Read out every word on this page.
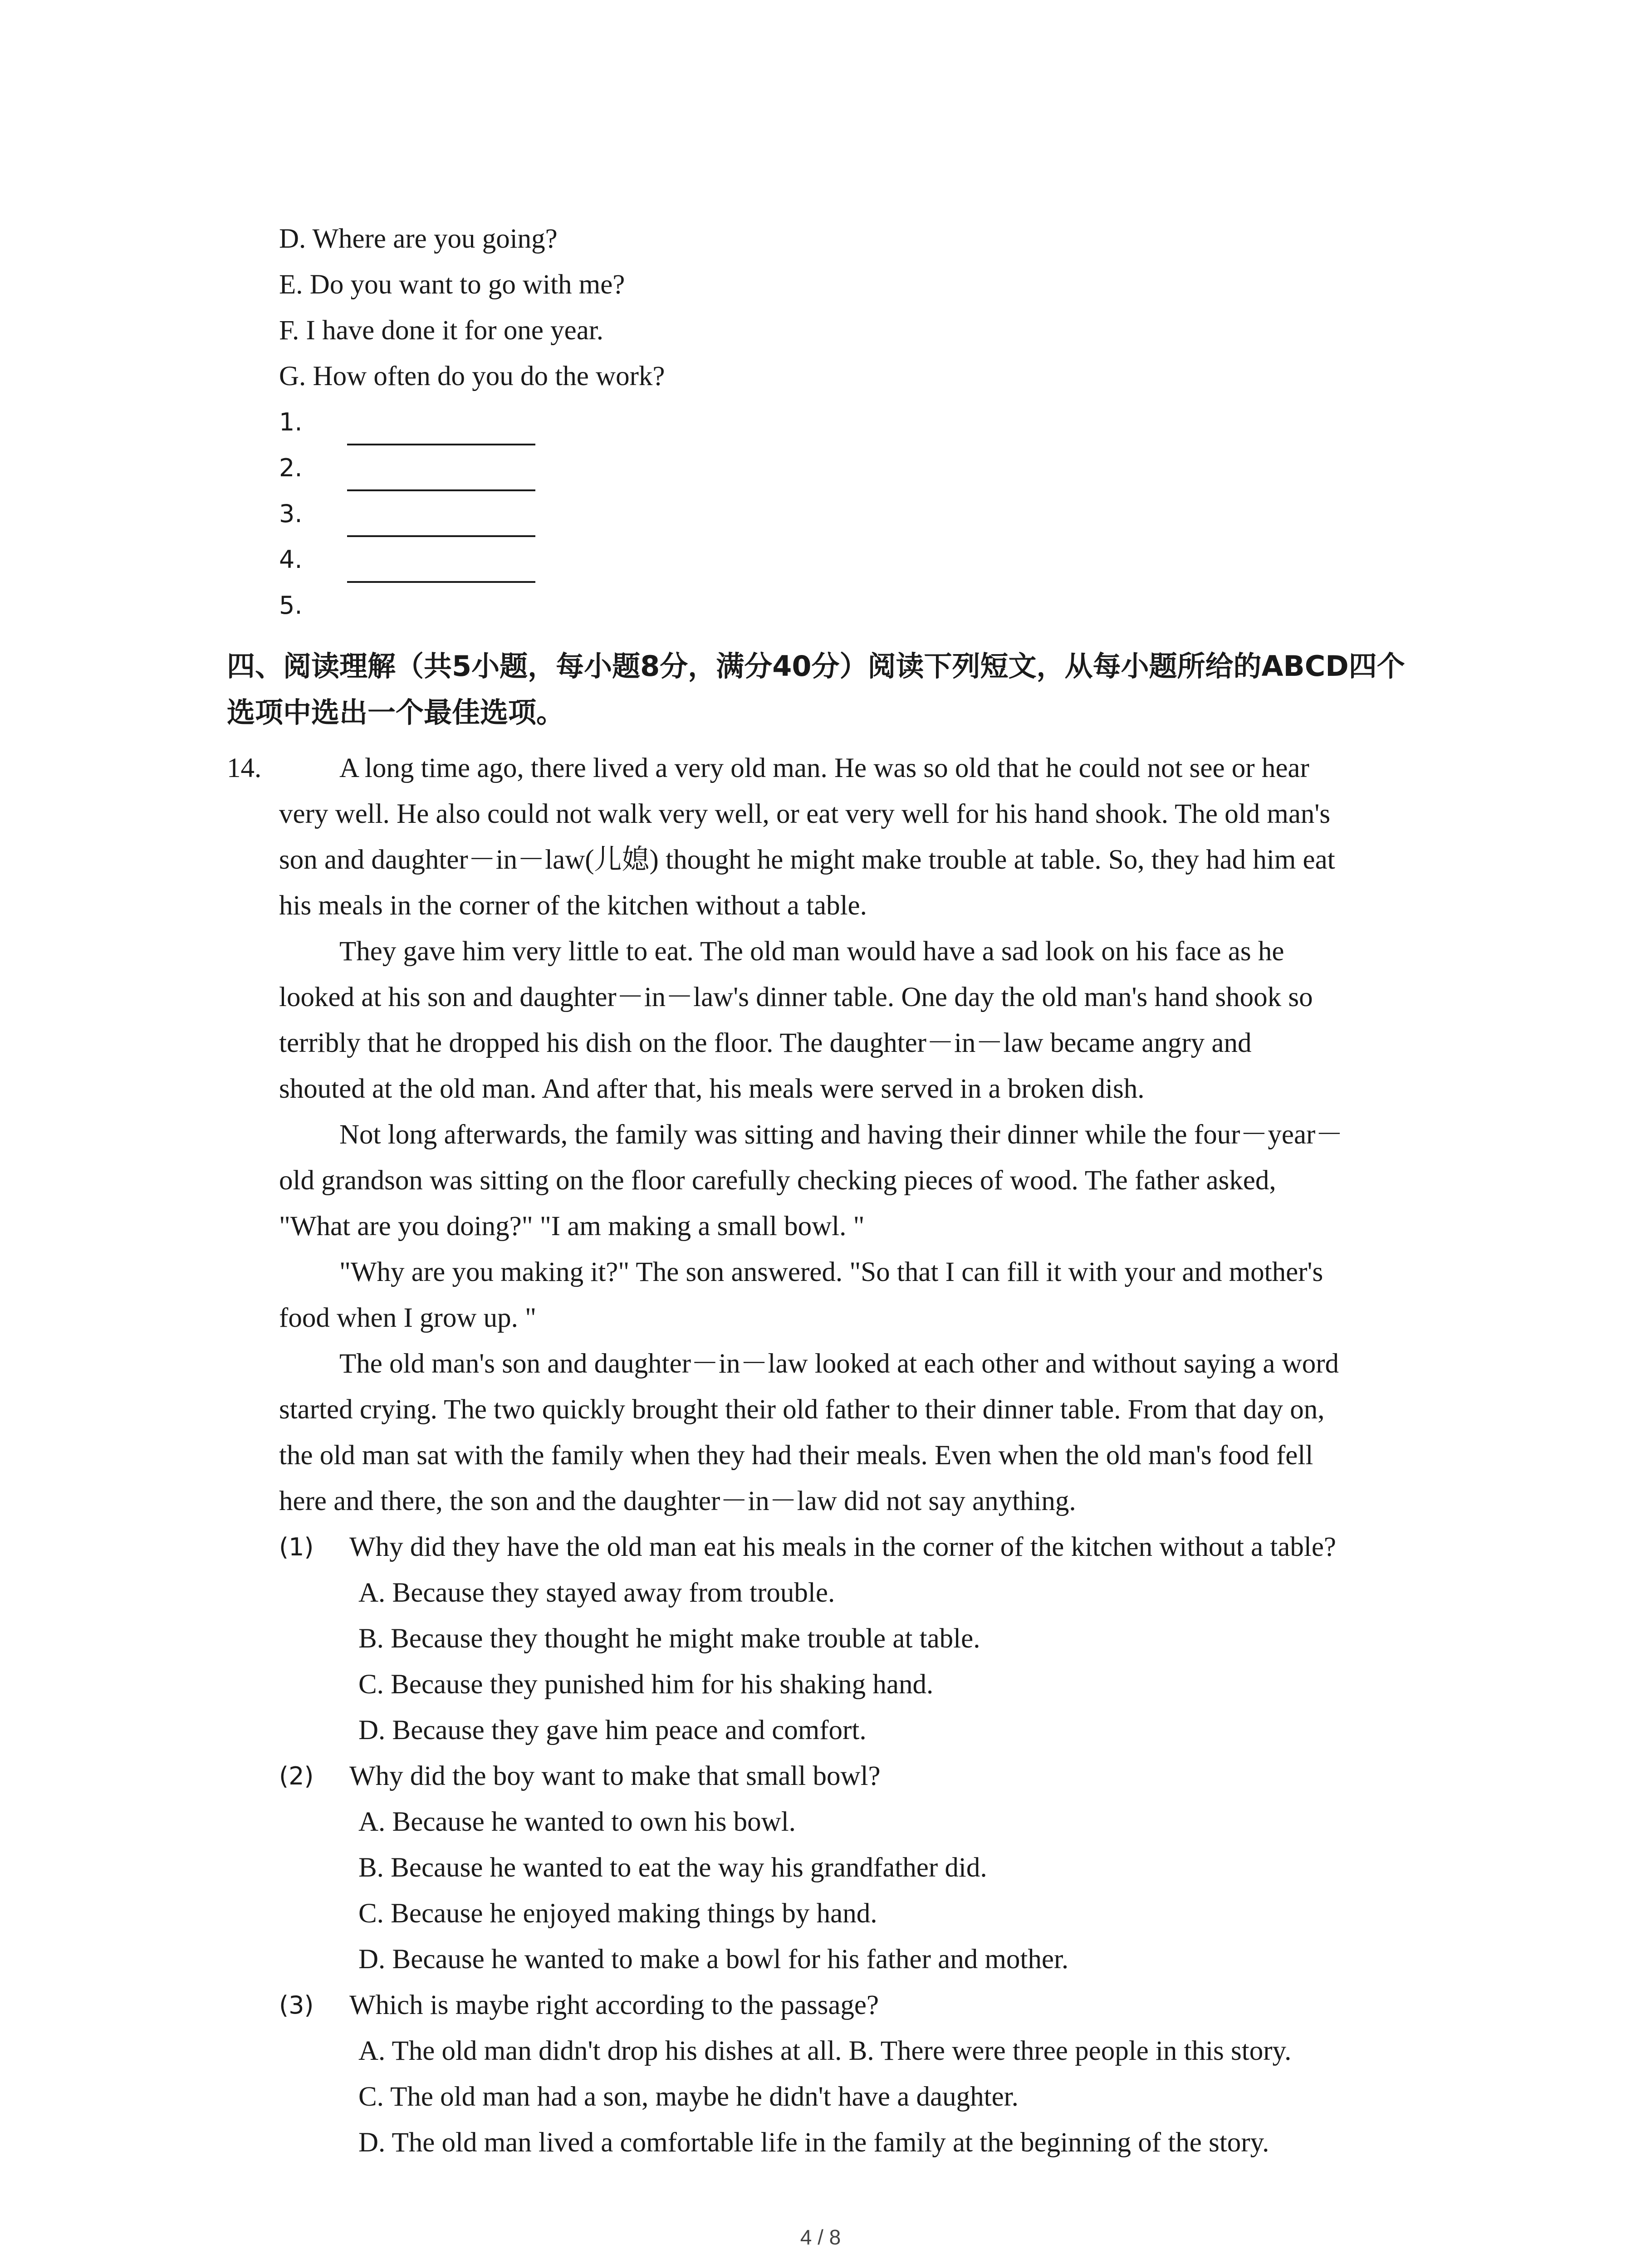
D. Where are you going?
E. Do you want to go with me?
F. I have done it for one year.
G. How often do you do the work?
1.
2.
3.
4.
5.
四、阅读理解（共5小题，每小题8分，满分40分）阅读下列短文，从每小题所给的ABCD四个
选项中选出一个最佳选项。
14.	A long time ago, there lived a very old man. He was so old that he could not see or hear
very well. He also could not walk very well, or eat very well for his hand shook. The old man's
son and daughter－in－law(儿媳) thought he might make trouble at table. So, they had him eat
his meals in the corner of the kitchen without a table.
They gave him very little to eat. The old man would have a sad look on his face as he
looked at his son and daughter－in－law's dinner table. One day the old man's hand shook so
terribly that he dropped his dish on the floor. The daughter－in－law became angry and
shouted at the old man. And after that, his meals were served in a broken dish.
Not long afterwards, the family was sitting and having their dinner while the four－year－
old grandson was sitting on the floor carefully checking pieces of wood. The father asked,
"What are you doing?" "I am making a small bowl. "
"Why are you making it?" The son answered. "So that I can fill it with your and mother's
food when I grow up. "
The old man's son and daughter－in－law looked at each other and without saying a word
started crying. The two quickly brought their old father to their dinner table. From that day on,
the old man sat with the family when they had their meals. Even when the old man's food fell
here and there, the son and the daughter－in－law did not say anything.
(1) Why did they have the old man eat his meals in the corner of the kitchen without a table?
A. Because they stayed away from trouble.
B. Because they thought he might make trouble at table.
C. Because they punished him for his shaking hand.
D. Because they gave him peace and comfort.
(2) Why did the boy want to make that small bowl?
A. Because he wanted to own his bowl.
B. Because he wanted to eat the way his grandfather did.
C. Because he enjoyed making things by hand.
D. Because he wanted to make a bowl for his father and mother.
(3) Which is maybe right according to the passage?
A. The old man didn't drop his dishes at all. B. There were three people in this story.
C. The old man had a son, maybe he didn't have a daughter.
D. The old man lived a comfortable life in the family at the beginning of the story.
4 / 8
